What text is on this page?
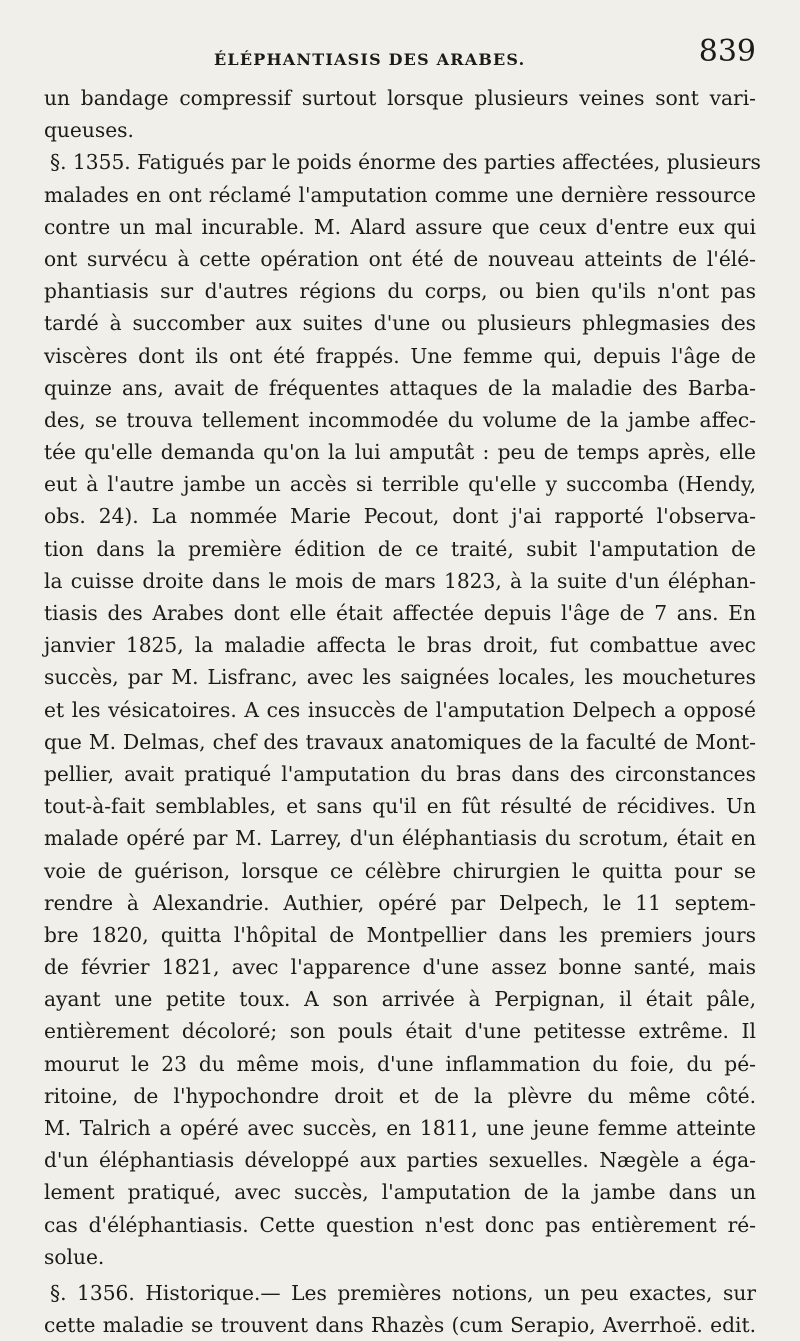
ÉLÉPHANTIASIS DES ARABES.	839
un bandage compressif surtout lorsque plusieurs veines sont vari-
queuses.
§. 1355. Fatigués par le poids énorme des parties affectées, plusieurs
malades en ont réclamé l'amputation comme une dernière ressource
contre un mal incurable. M. Alard assure que ceux d'entre eux qui
ont survécu à cette opération ont été de nouveau atteints de l'élé-
phantiasis sur d'autres régions du corps, ou bien qu'ils n'ont pas
tardé à succomber aux suites d'une ou plusieurs phlegmasies des
viscères dont ils ont été frappés. Une femme qui, depuis l'âge de
quinze ans, avait de fréquentes attaques de la maladie des Barba-
des, se trouva tellement incommodée du volume de la jambe affec-
tée qu'elle demanda qu'on la lui amputât : peu de temps après, elle
eut à l'autre jambe un accès si terrible qu'elle y succomba (Hendy,
obs. 24). La nommée Marie Pecout, dont j'ai rapporté l'observa-
tion dans la première édition de ce traité, subit l'amputation de
la cuisse droite dans le mois de mars 1823, à la suite d'un éléphan-
tiasis des Arabes dont elle était affectée depuis l'âge de 7 ans. En
janvier 1825, la maladie affecta le bras droit, fut combattue avec
succès, par M. Lisfranc, avec les saignées locales, les mouchetures
et les vésicatoires. A ces insuccès de l'amputation Delpech a opposé
que M. Delmas, chef des travaux anatomiques de la faculté de Mont-
pellier, avait pratiqué l'amputation du bras dans des circonstances
tout-à-fait semblables, et sans qu'il en fût résulté de récidives. Un
malade opéré par M. Larrey, d'un éléphantiasis du scrotum, était en
voie de guérison, lorsque ce célèbre chirurgien le quitta pour se
rendre à Alexandrie. Authier, opéré par Delpech, le 11 septem-
bre 1820, quitta l'hôpital de Montpellier dans les premiers jours
de février 1821, avec l'apparence d'une assez bonne santé, mais
ayant une petite toux. A son arrivée à Perpignan, il était pâle,
entièrement décoloré; son pouls était d'une petitesse extrême. Il
mourut le 23 du même mois, d'une inflammation du foie, du pé-
ritoine, de l'hypochondre droit et de la plèvre du même côté.
M. Talrich a opéré avec succès, en 1811, une jeune femme atteinte
d'un éléphantiasis développé aux parties sexuelles. Nægèle a éga-
lement pratiqué, avec succès, l'amputation de la jambe dans un
cas d'éléphantiasis. Cette question n'est donc pas entièrement ré-
solue.
§. 1356. Historique.— Les premières notions, un peu exactes, sur
cette maladie se trouvent dans Rhazès (cum Serapio, Averrhoë. edit.
